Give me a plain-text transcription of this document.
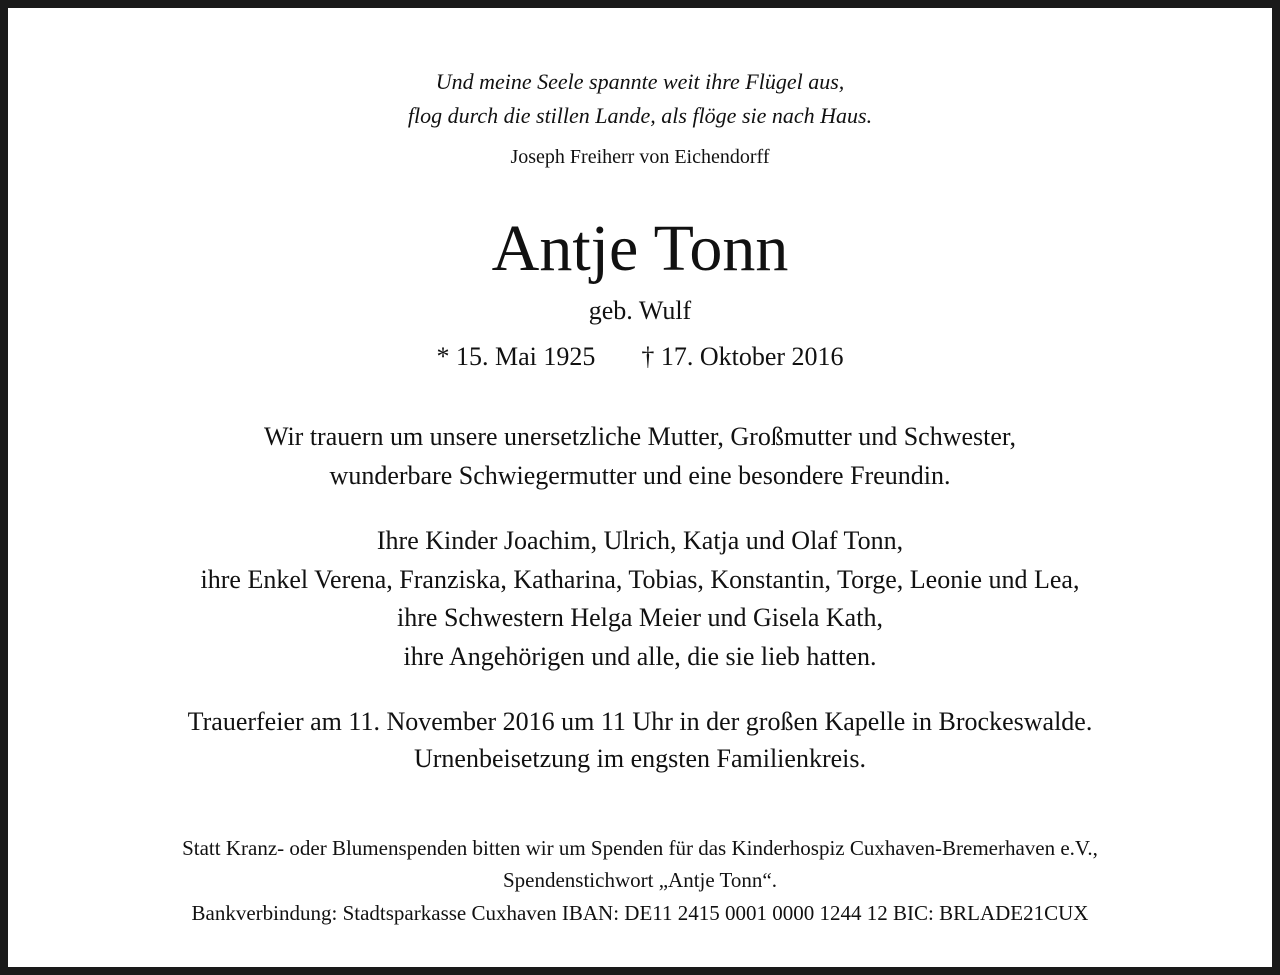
Und meine Seele spannte weit ihre Flügel aus,
flog durch die stillen Lande, als flöge sie nach Haus.
Joseph Freiherr von Eichendorff
Antje Tonn
geb. Wulf
* 15. Mai 1925 † 17. Oktober 2016
Wir trauern um unsere unersetzliche Mutter, Großmutter und Schwester,
wunderbare Schwiegermutter und eine besondere Freundin.
Ihre Kinder Joachim, Ulrich, Katja und Olaf Tonn,
ihre Enkel Verena, Franziska, Katharina, Tobias, Konstantin, Torge, Leonie und Lea,
ihre Schwestern Helga Meier und Gisela Kath,
ihre Angehörigen und alle, die sie lieb hatten.
Trauerfeier am 11. November 2016 um 11 Uhr in der großen Kapelle in Brockeswalde.
Urnenbeisetzung im engsten Familienkreis.
Statt Kranz- oder Blumenspenden bitten wir um Spenden für das Kinderhospiz Cuxhaven-Bremerhaven e.V.,
Spendenstichwort „Antje Tonn“.
Bankverbindung: Stadtsparkasse Cuxhaven IBAN: DE11 2415 0001 0000 1244 12 BIC: BRLADE21CUX
